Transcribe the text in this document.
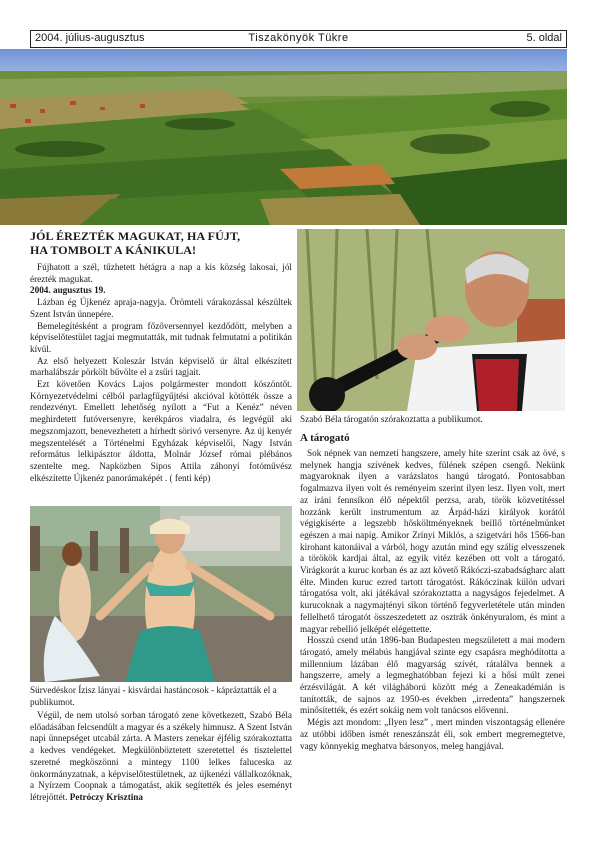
2004. július-augusztus	Tiszakönyök Tükre	5. oldal
JÓL ÉREZTÉK MAGUKAT, HA FÚJT,
HA TOMBOLT A KÁNIKULA!

Fújhatott a szél, tűzhetett hétágra a nap a kis község lakosai, jól érezték magukat.

2004. augusztus 19.

Lázban ég Újkenéz apraja-nagyja. Örömteli várakozással készültek Szent István ünnepére.

Bemelegítésként a program főzőversennyel kezdődött, melyben a képviselőtestület tagjai megmutatták, mit tudnak felmutatni a politikán kívül.

Az első helyezett Koleszár István képviselő úr által elkészített marhalábszár pörkölt bűvölte el a zsűri tagjait.

Ezt követően Kovács Lajos polgármester mondott köszöntőt. Környezetvédelmi célból parlagfűgyűjtési akcióval kötötték össze a rendezvényt. Emellett lehetőség nyílott a “Fut a Kenéz” néven meghirdetett futóversenyre, kerékpáros viadalra, és legvégül aki megszomjazott, benevezhetett a hírhedt sörivó versenyre. Az új kenyér megszentelését a Történelmi Egyházak képviselői, Nagy István református lelkipásztor áldotta, Molnár József római plébános szentelte meg. Napközben Sipos Attila záhonyi fotóművész elkészítette Újkenéz panorámaképét . ( fenti kép)

Sürvedéskor Ízisz lányai - kisvárdai hastáncosok - kápráztatták el a publikumot.

Végül, de nem utolsó sorban tárogató zene következett, Szabó Béla előadásában felcsendült a magyar és a székely himnusz. A Szent István napi ünnepséget utcabál zárta. A Masters zenekar éjfélig szórakoztatta a kedves vendégeket. Megkülönböztetett szeretettel és tisztelettel szeretné megköszönni a mintegy 1100 lelkes faluceska az önkormányzatnak, a képviselőtestületnek, az újkenézi vállalkozóknak, a Nyírzem Coopnak a támogatást, akik segítették és jeles eseményt létrejöttét. Petróczy Krisztina

Szabó Béla tárogatón szórakoztatta a publikumot.
A tárogató

Sok népnek van nemzeti hangszere, amely híte szerint csak az övé, s melynek hangja szívének kedves, fülének szépen csengő. Nekünk magyaroknak ilyen a varázslatos hangú tárogató. Pontosabban fogalmazva ilyen volt és reményeim szerint ilyen lesz. Ilyen volt, mert az iráni fennsíkon élő népektől perzsa, arab, török közvetítéssel hozzánk került instrumentum az Árpád-házi királyok korától végigkísérte a legszebb hősköltményeknek beillő történelmünket egészen a mai napig. Amikor Zrínyi Miklós, a szigetvári hős 1566-ban kirohant katonáival a várból, hogy azután mind egy szálig elvesszenek a törökök kardjai által, az egyik vitéz kezében ott volt a tárogató. Virágkorát a kuruc korban és az azt követő Rákóczi-szabadságharc alatt élte. Minden kuruc ezred tartott tárogatóst. Rákóczinak külön udvari tárogatósa volt, aki játékával szórakoztatta a nagyságos fejedelmet. A kurucoknak a nagymajtényi síkon történő fegyverletétele után minden fellelhető tárogatót összeszedetett az osztrák önkényuralom, és mint a magyar rebellió jelképét elégettette.

Hosszú csend után 1896-ban Budapesten megszületett a mai modern tárogató, amely mélabús hangjával szinte egy csapásra meghódította a millennium lázában élő magyarság szívét, rátalálva bennek a hangszerre, amely a legmeghatóbban fejezi ki a hősi múlt zenei érzésvilágát. A két világháború között még a Zeneakadémián is tanították, de sajnos az 1950-es években „irredenta” hangszernek minősítették, és ezért sokáig nem volt tanácsos elővenni.

Mégis azt mondom: „Ilyen lesz” , mert minden viszontagság ellenére az utóbbi időben ismét reneszánszát éli, sok embert megremegtetve, vagy könnyekig meghatva bársonyos, meleg hangjával.
